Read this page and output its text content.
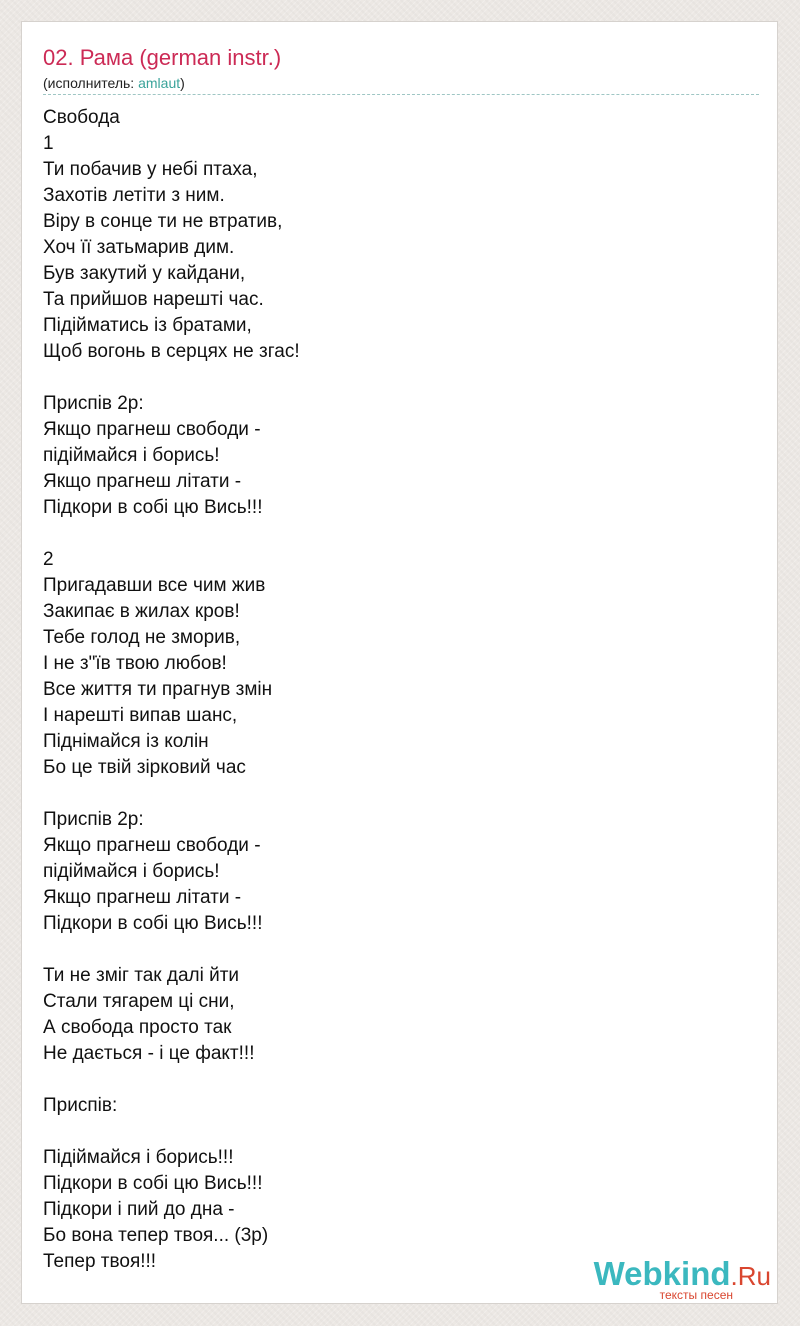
02. Рама (german instr.)
(исполнитель: amlaut)
Свобода
1
Ти побачив у небі птаха,
Захотів летіти з ним.
Віру в сонце ти не втратив,
Хоч її затьмарив дим.
Був закутий у кайдани,
Та прийшов нарешті час.
Підійматись із братами,
Щоб вогонь в серцях не згас!
Приспів 2р:
Якщо прагнеш свободи -
підіймайся і борись!
Якщо прагнеш літати -
Підкори в собі цю Вись!!!
2
Пригадавши все чим жив
Закипає в жилах кров!
Тебе голод не зморив,
І не з"їв твою любов!
Все життя ти прагнув змін
І нарешті випав шанс,
Піднімайся із колін
Бо це твій зірковий час
Приспів 2р:
Якщо прагнеш свободи -
підіймайся і борись!
Якщо прагнеш літати -
Підкори в собі цю Вись!!!
Ти не зміг так далі йти
Стали тягарем ці сни,
А свобода просто так
Не дається - і це факт!!!
Приспів:
Підіймайся і борись!!!
Підкори в собі цю Вись!!!
Підкори і пий до дна -
Бо вона тепер твоя... (3р)
Тепер твоя!!!	Webkind.Ru
тексты песен
